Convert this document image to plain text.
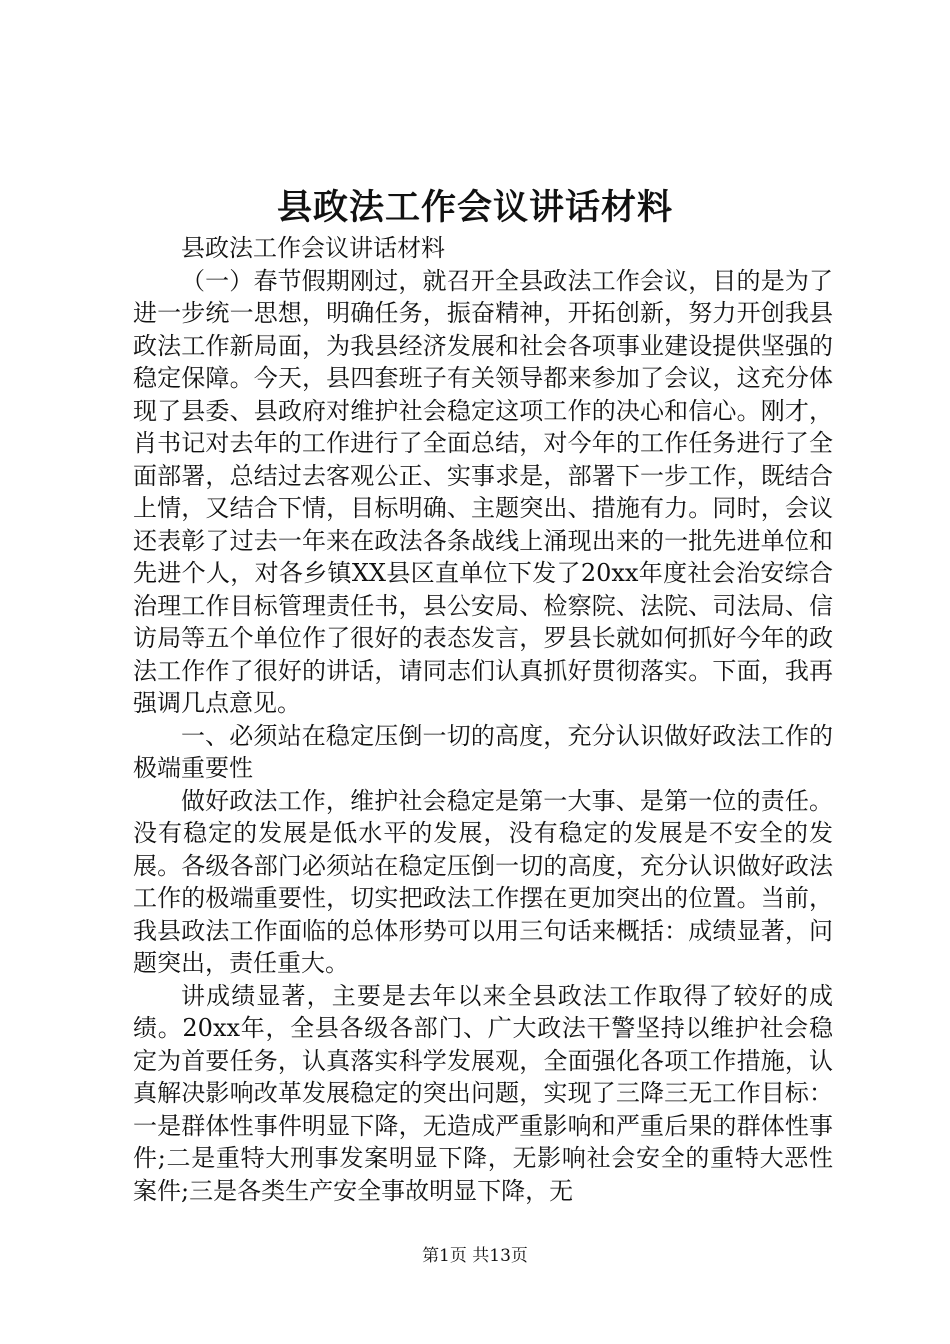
县政法工作会议讲话材料

县政法工作会议讲话材料

（一）春节假期刚过，就召开全县政法工作会议，目的是为了进一步统一思想，明确任务，振奋精神，开拓创新，努力开创我县政法工作新局面，为我县经济发展和社会各项事业建设提供坚强的稳定保障。今天，县四套班子有关领导都来参加了会议，这充分体现了县委、县政府对维护社会稳定这项工作的决心和信心。刚才，肖书记对去年的工作进行了全面总结，对今年的工作任务进行了全面部署，总结过去客观公正、实事求是，部署下一步工作，既结合上情，又结合下情，目标明确、主题突出、措施有力。同时，会议还表彰了过去一年来在政法各条战线上涌现出来的一批先进单位和先进个人，对各乡镇XX县区直单位下发了20xx年度社会治安综合治理工作目标管理责任书，县公安局、检察院、法院、司法局、信访局等五个单位作了很好的表态发言，罗县长就如何抓好今年的政法工作作了很好的讲话，请同志们认真抓好贯彻落实。下面，我再强调几点意见。

一、必须站在稳定压倒一切的高度，充分认识做好政法工作的极端重要性

做好政法工作，维护社会稳定是第一大事、是第一位的责任。没有稳定的发展是低水平的发展，没有稳定的发展是不安全的发展。各级各部门必须站在稳定压倒一切的高度，充分认识做好政法工作的极端重要性，切实把政法工作摆在更加突出的位置。当前，我县政法工作面临的总体形势可以用三句话来概括：成绩显著，问题突出，责任重大。

讲成绩显著，主要是去年以来全县政法工作取得了较好的成绩。20xx年，全县各级各部门、广大政法干警坚持以维护社会稳定为首要任务，认真落实科学发展观，全面强化各项工作措施，认真解决影响改革发展稳定的突出问题，实现了三降三无工作目标：一是群体性事件明显下降，无造成严重影响和严重后果的群体性事件;二是重特大刑事发案明显下降，无影响社会安全的重特大恶性案件;三是各类生产安全事故明显下降，无

第1页 共13页
